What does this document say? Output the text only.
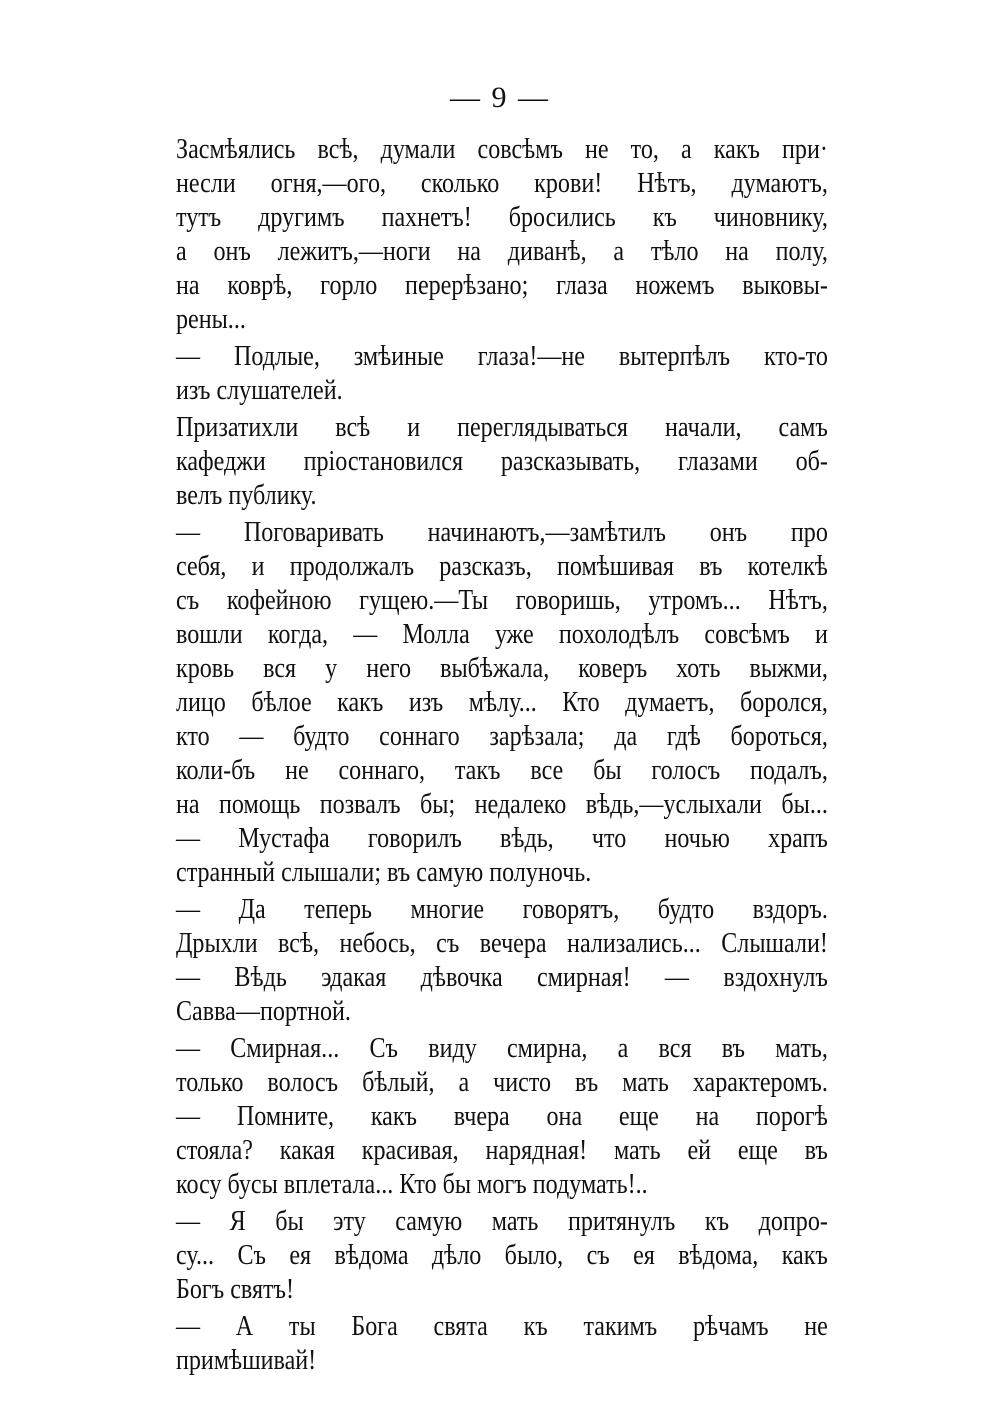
— 9 —
Засмѣялись всѣ, думали совсѣмъ не то, а какъ при·
несли огня,—ого, сколько крови! Нѣтъ, думаютъ,
тутъ другимъ пахнетъ! бросились къ чиновнику,
а онъ лежитъ,—ноги на диванѣ, а тѣло на полу,
на коврѣ, горло перерѣзано; глаза ножемъ выковы-
рены...
— Подлые, змѣиные глаза!—не вытерпѣлъ кто-то
изъ слушателей.
Призатихли всѣ и переглядываться начали, самъ
кафеджи пріостановился разсказывать, глазами об-
велъ публику.
— Поговаривать начинаютъ,—замѣтилъ онъ про
себя, и продолжалъ разсказъ, помѣшивая въ котелкѣ
съ кофейною гущею.—Ты говоришь, утромъ... Нѣтъ,
вошли когда, — Молла уже похолодѣлъ совсѣмъ и
кровь вся у него выбѣжала, коверъ хоть выжми,
лицо бѣлое какъ изъ мѣлу... Кто думаетъ, боролся,
кто — будто соннаго зарѣзала; да гдѣ бороться,
коли-бъ не соннаго, такъ все бы голосъ подалъ,
на помощь позвалъ бы; недалеко вѣдь,—услыхали бы...
— Мустафа говорилъ вѣдь, что ночью храпъ
странный слышали; въ самую полуночь.
— Да теперь многие говорятъ, будто вздоръ.
Дрыхли всѣ, небось, съ вечера нализались... Слышали!
— Вѣдь эдакая дѣвочка смирная! — вздохнулъ
Савва—портной.
— Смирная... Съ виду смирна, а вся въ мать,
только волосъ бѣлый, а чисто въ мать характеромъ.
— Помните, какъ вчера она еще на порогѣ
стояла? какая красивая, нарядная! мать ей еще въ
косу бусы вплетала... Кто бы могъ подумать!..
— Я бы эту самую мать притянулъ къ допро-
су... Съ ея вѣдома дѣло было, съ ея вѣдома, какъ
Богъ святъ!
— А ты Бога свята къ такимъ рѣчамъ не
примѣшивай!
